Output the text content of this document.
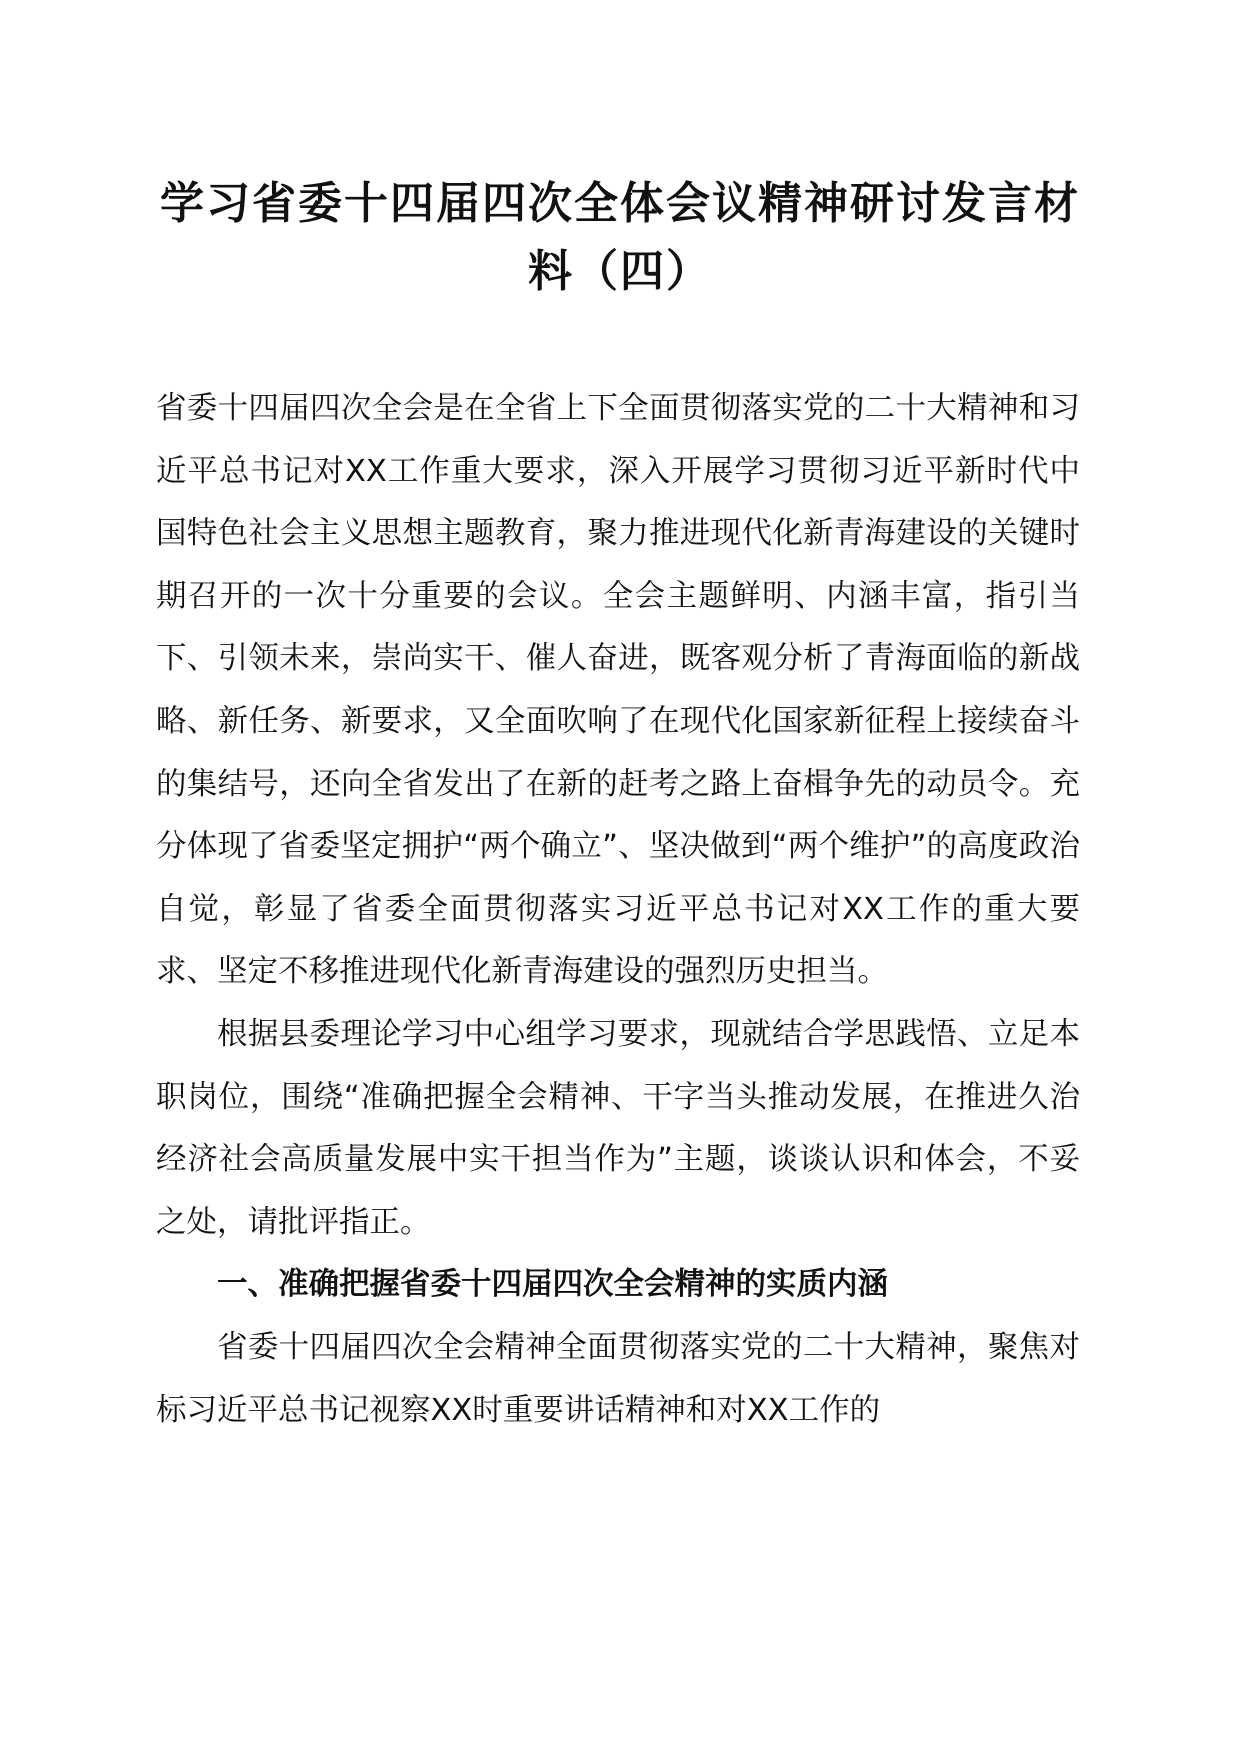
学习省委十四届四次全体会议精神研讨发言材料（四）

省委十四届四次全会是在全省上下全面贯彻落实党的二十大精神和习近平总书记对XX工作重大要求，深入开展学习贯彻习近平新时代中国特色社会主义思想主题教育，聚力推进现代化新青海建设的关键时期召开的一次十分重要的会议。全会主题鲜明、内涵丰富，指引当下、引领未来，崇尚实干、催人奋进，既客观分析了青海面临的新战略、新任务、新要求，又全面吹响了在现代化国家新征程上接续奋斗的集结号，还向全省发出了在新的赶考之路上奋楫争先的动员令。充分体现了省委坚定拥护“两个确立”、坚决做到“两个维护”的高度政治自觉，彰显了省委全面贯彻落实习近平总书记对XX工作的重大要求、坚定不移推进现代化新青海建设的强烈历史担当。

根据县委理论学习中心组学习要求，现就结合学思践悟、立足本职岗位，围绕“准确把握全会精神、干字当头推动发展，在推进久治经济社会高质量发展中实干担当作为”主题，谈谈认识和体会，不妥之处，请批评指正。

一、准确把握省委十四届四次全会精神的实质内涵

省委十四届四次全会精神全面贯彻落实党的二十大精神，聚焦对标习近平总书记视察XX时重要讲话精神和对XX工作的
